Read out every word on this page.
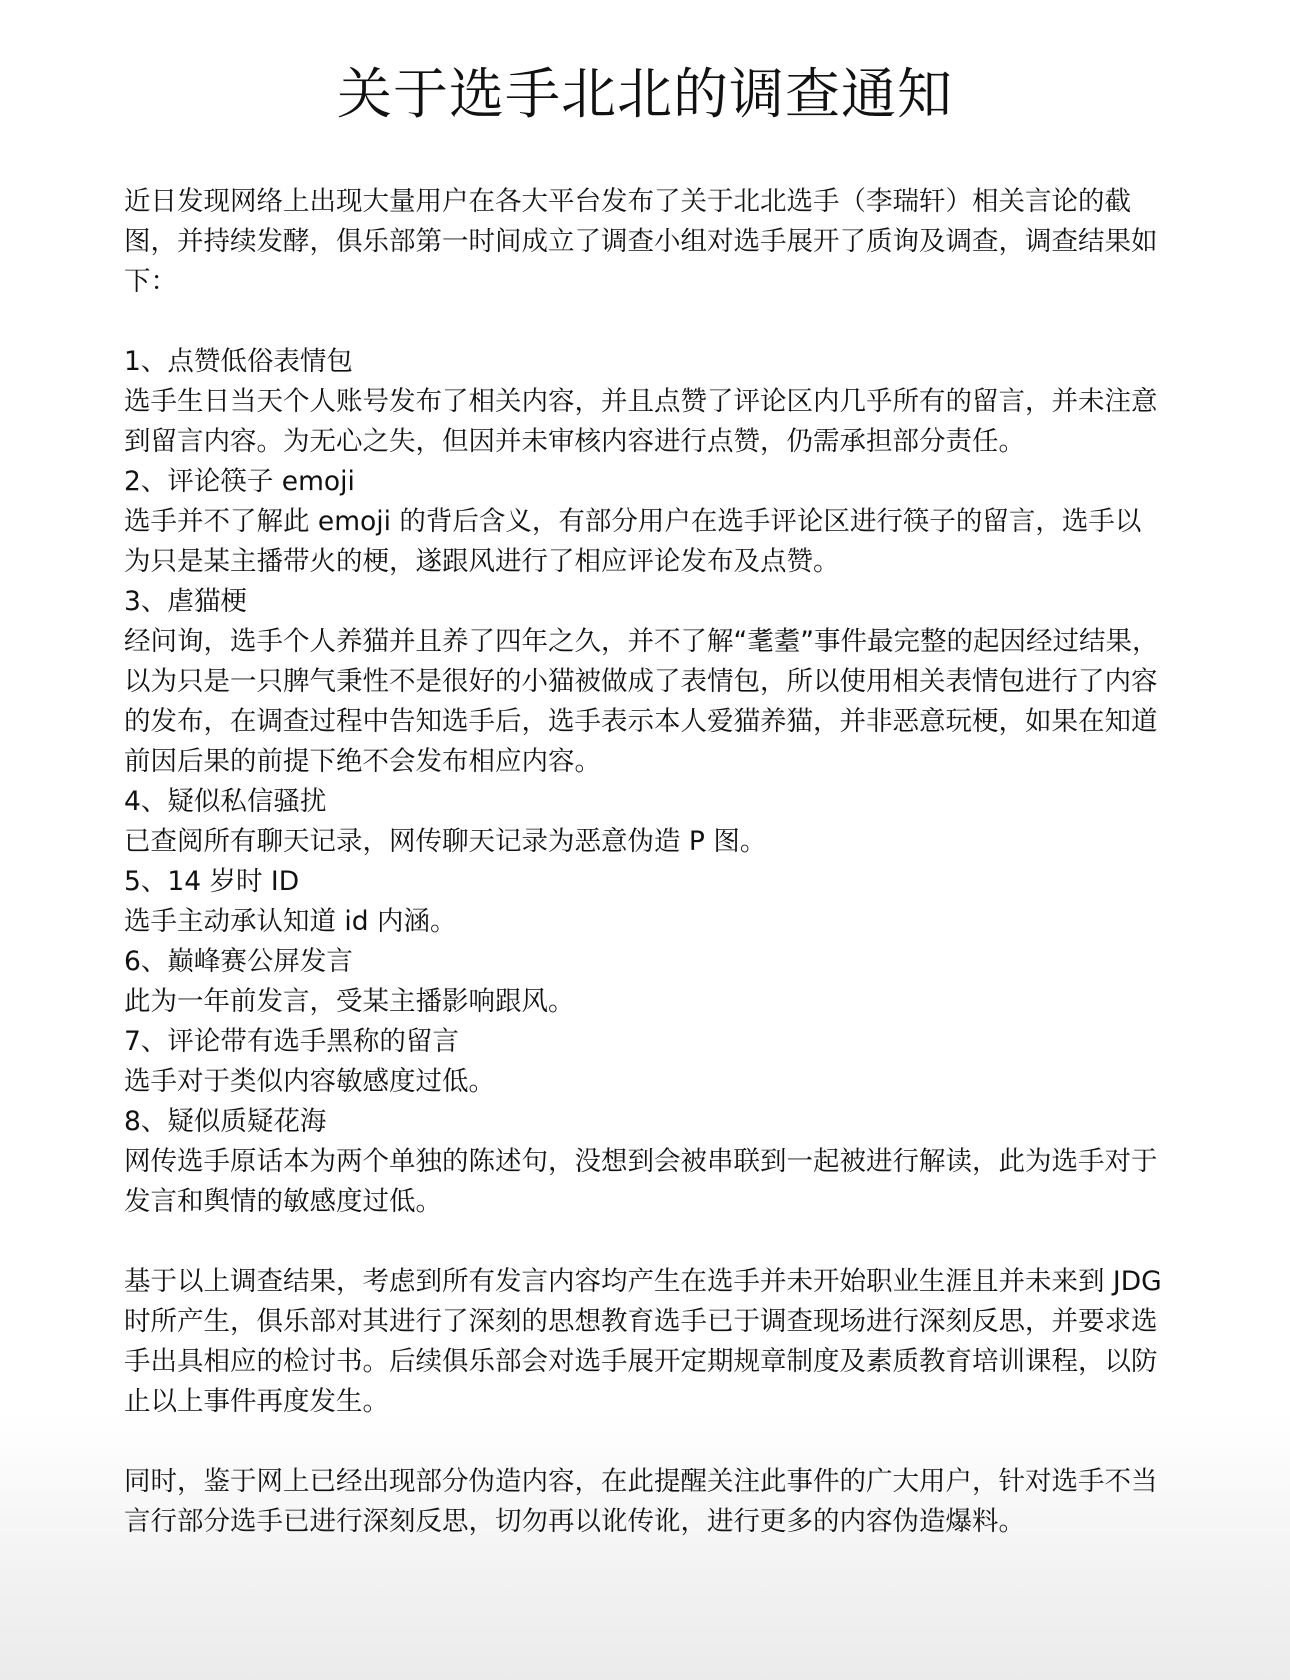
关于选手北北的调查通知

近日发现网络上出现大量用户在各大平台发布了关于北北选手（李瑞轩）相关言论的截图，并持续发酵，俱乐部第一时间成立了调查小组对选手展开了质询及调查，调查结果如下：

1、点赞低俗表情包

选手生日当天个人账号发布了相关内容，并且点赞了评论区内几乎所有的留言，并未注意到留言内容。为无心之失，但因并未审核内容进行点赞，仍需承担部分责任。

2、评论筷子 emoji

选手并不了解此 emoji 的背后含义，有部分用户在选手评论区进行筷子的留言，选手以为只是某主播带火的梗，遂跟风进行了相应评论发布及点赞。

3、虐猫梗

经问询，选手个人养猫并且养了四年之久，并不了解“耄耋”事件最完整的起因经过结果，以为只是一只脾气秉性不是很好的小猫被做成了表情包，所以使用相关表情包进行了内容的发布，在调查过程中告知选手后，选手表示本人爱猫养猫，并非恶意玩梗，如果在知道前因后果的前提下绝不会发布相应内容。

4、疑似私信骚扰

已查阅所有聊天记录，网传聊天记录为恶意伪造 P 图。

5、14 岁时 ID

选手主动承认知道 id 内涵。

6、巅峰赛公屏发言

此为一年前发言，受某主播影响跟风。

7、评论带有选手黑称的留言

选手对于类似内容敏感度过低。

8、疑似质疑花海

网传选手原话本为两个单独的陈述句，没想到会被串联到一起被进行解读，此为选手对于发言和舆情的敏感度过低。

基于以上调查结果，考虑到所有发言内容均产生在选手并未开始职业生涯且并未来到 JDG 时所产生，俱乐部对其进行了深刻的思想教育选手已于调查现场进行深刻反思，并要求选手出具相应的检讨书。后续俱乐部会对选手展开定期规章制度及素质教育培训课程，以防止以上事件再度发生。

同时，鉴于网上已经出现部分伪造内容，在此提醒关注此事件的广大用户，针对选手不当言行部分选手已进行深刻反思，切勿再以讹传讹，进行更多的内容伪造爆料。
